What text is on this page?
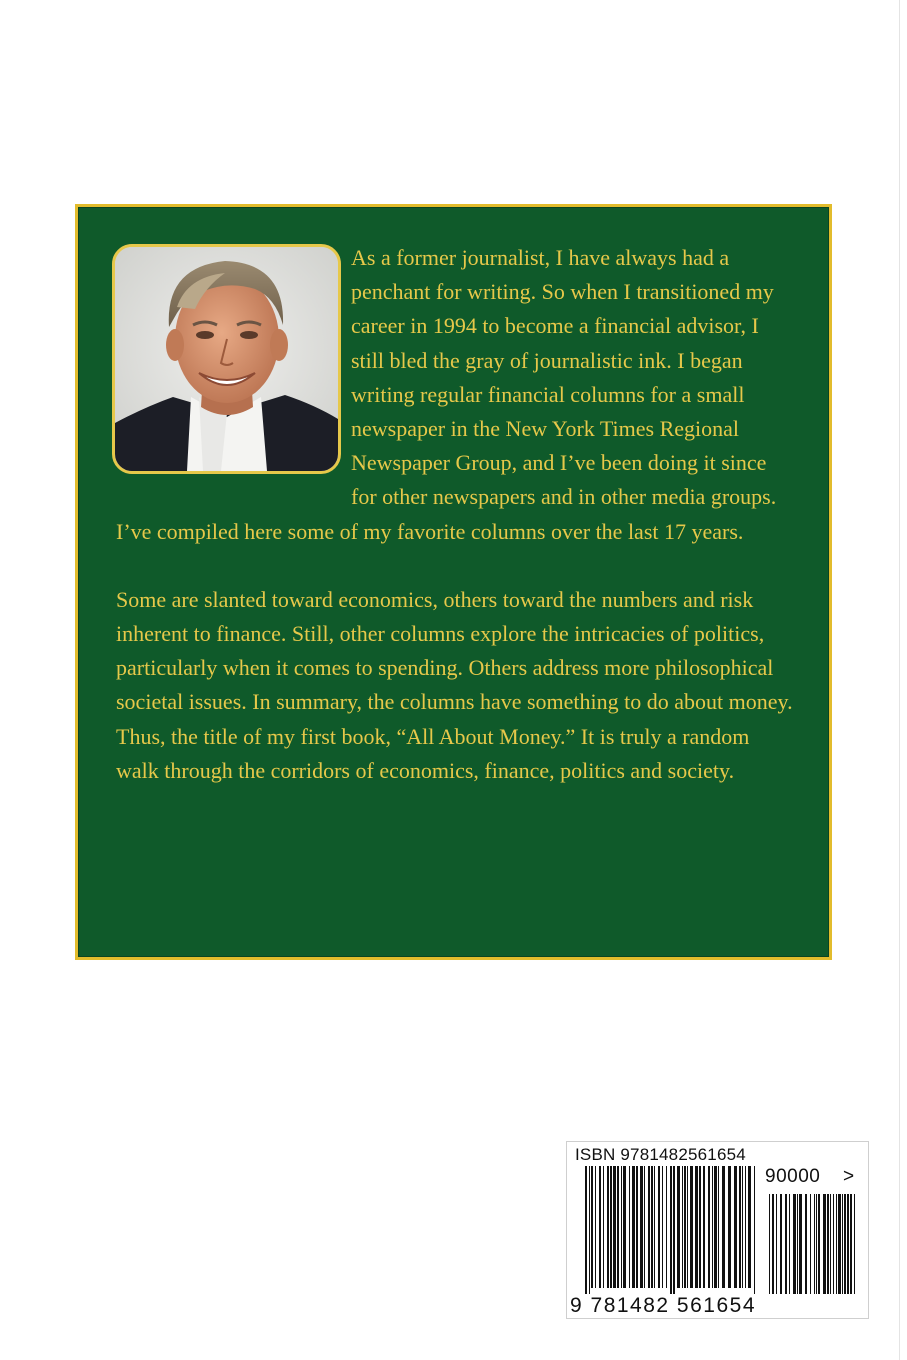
As a former journalist, I have always had a penchant for writing. So when I transitioned my career in 1994 to become a financial advisor, I still bled the gray of journalistic ink. I began writing regular financial columns for a small newspaper in the New York Times Regional Newspaper Group, and I’ve been doing it since for other newspapers and in other media groups. I’ve compiled here some of my favorite columns over the last 17 years.

Some are slanted toward economics, others toward the numbers and risk inherent to finance. Still, other columns explore the intricacies of politics, particularly when it comes to spending. Others address more philosophical societal issues. In summary, the columns have something to do about money. Thus, the title of my first book, “All About Money.” It is truly a random walk through the corridors of economics, finance, politics and society.

ISBN 9781482561654
90000 >
9 781482 561654
